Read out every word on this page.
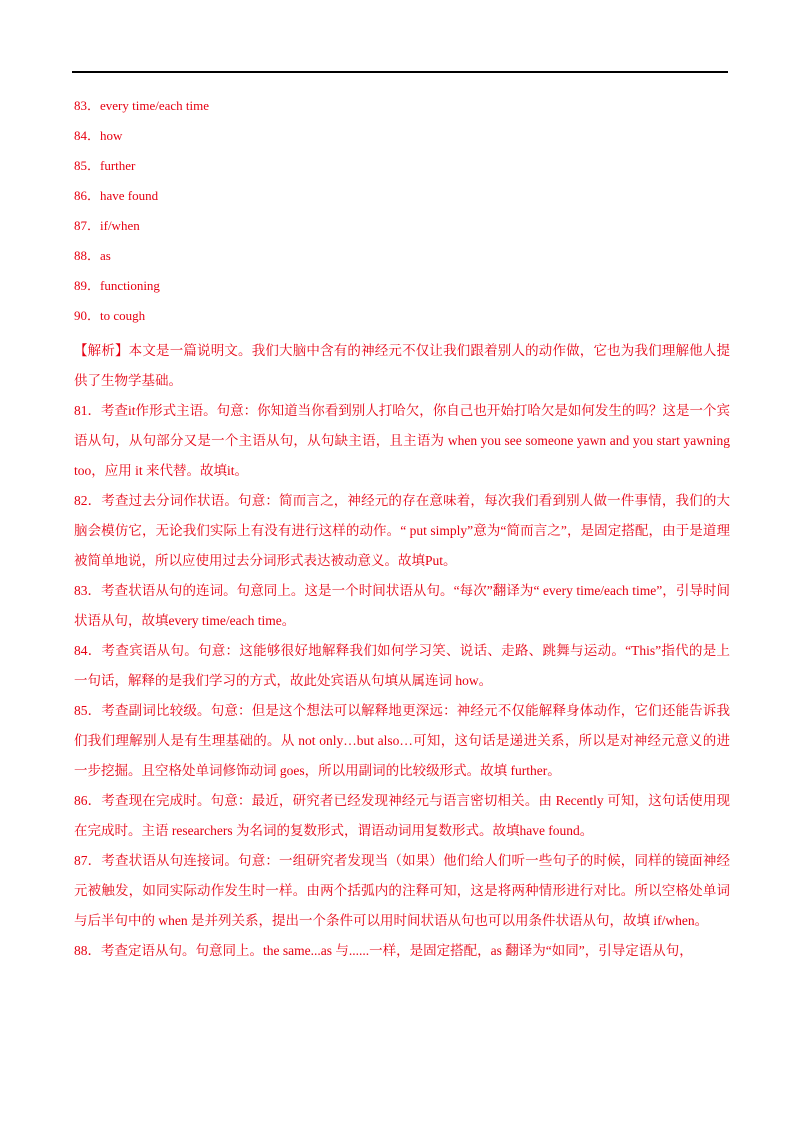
83．every time/each time
84．how
85．further
86．have found
87．if/when
88．as
89．functioning
90．to cough

【解析】本文是一篇说明文。我们大脑中含有的神经元不仅让我们跟着别人的动作做，它也为我们理解他人提供了生物学基础。

81．考查it作形式主语。句意：你知道当你看到别人打哈欠，你自己也开始打哈欠是如何发生的吗？这是一个宾语从句，从句部分又是一个主语从句，从句缺主语，且主语为 when you see someone yawn and you start yawning too，应用 it 来代替。故填it。

82．考查过去分词作状语。句意：简而言之，神经元的存在意味着，每次我们看到别人做一件事情，我们的大脑会模仿它，无论我们实际上有没有进行这样的动作。“ put simply”意为“简而言之”，是固定搭配，由于是道理被简单地说，所以应使用过去分词形式表达被动意义。故填Put。

83．考查状语从句的连词。句意同上。这是一个时间状语从句。“每次”翻译为“ every time/each time”，引导时间状语从句，故填every time/each time。

84．考查宾语从句。句意：这能够很好地解释我们如何学习笑、说话、走路、跳舞与运动。“This”指代的是上一句话，解释的是我们学习的方式，故此处宾语从句填从属连词 how。

85．考查副词比较级。句意：但是这个想法可以解释地更深远：神经元不仅能解释身体动作，它们还能告诉我们我们理解别人是有生理基础的。从 not only…but also…可知，这句话是递进关系，所以是对神经元意义的进一步挖掘。且空格处单词修饰动词 goes，所以用副词的比较级形式。故填 further。

86．考查现在完成时。句意：最近，研究者已经发现神经元与语言密切相关。由 Recently 可知，这句话使用现在完成时。主语 researchers 为名词的复数形式，谓语动词用复数形式。故填have found。

87．考查状语从句连接词。句意：一组研究者发现当（如果）他们给人们听一些句子的时候，同样的镜面神经元被触发，如同实际动作发生时一样。由两个括弧内的注释可知，这是将两种情形进行对比。所以空格处单词与后半句中的 when 是并列关系，提出一个条件可以用时间状语从句也可以用条件状语从句，故填 if/when。

88．考查定语从句。句意同上。the same...as 与......一样，是固定搭配，as 翻译为“如同”，引导定语从句，
